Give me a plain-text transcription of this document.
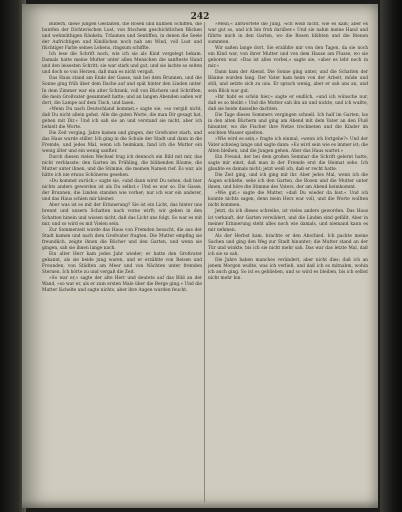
242

Bildern, diese jungen Gestalten, die Rosen und kühnen Schiffen, die buntfen der Dichterischen Lust, von frischem geschichtlichen Blicken und wehmüthigen Ränkeln, Träumen und Sentiffen, in denen die Seele der Aufrichtigen und Kindlichen noch nah am Wind, voll Lust und flüchtiger Farbe seines Lebens, ringsum schiffte.

Ich lese die Schrift noch, wie ich sie als Kind vorgelegt bekam. Damals hatte meine Mutter unter allen Menschen die sanfteste Hand und den leisesten Schritt; sie war stark und gut, und sie lachte so selten und doch so von Herzen, daß man es nicht vergaß.

Das Haus stand am Ende der Gasse, nah bei dem Brunnen, und die Sonne ging früh über dem Dache auf und spät hinter den Linden unter. In dem Zimmer war ein alter Schrank, voll von Büchern und Schriften, die mein Großvater gesammelt hatte; und an langen Abenden saßen wir dort, die Lampe auf dem Tisch, und lasen.

»Wenn Du nach Deutschland kommst,« sagte sie, »so vergiß nicht, daß Du nicht allein gehst. Alle die guten Worte, die man Dir gesagt hat, gehen mit Dir.« Und ich sah sie an und verstand sie nicht, aber ich behielt die Worte.

Die Zeit verging. Jahre kamen und gingen, der Großvater starb, und das Haus wurde stiller. Ich ging in die Schule der Stadt und dann in die Fremde, und jedes Mal, wenn ich heimkam, fand ich die Mutter ein wenig älter und ein wenig sanfter.

Durch diesen vielen Wechsel trug ich dennoch ein Bild mit mir, das nicht verblasste: den Garten im Frühling, die blühenden Bäume, die Mutter unter ihnen, und die Stimme, die meinen Namen rief. Es war, als hätte ich nie etwas Schöneres gesehen.

»Du kommst zurück,« sagte sie, »und dann wirst Du sehen, daß hier nichts anders geworden ist als Du selbst.« Und es war so. Die Gasse, der Brunnen, die Linden standen wie vorher; nur ich war ein anderer, und das Haus schien mir kleiner.

Aber was ist es mit der Erinnerung? Sie ist ein Licht, das hinter uns brennt und unsern Schatten nach vorne wirft; wir gehen in den Schatten hinein und wissen nicht, daß das Licht uns folgt. So war es mit mir, und so wird es mit Vielen sein.

Zur Sommerzeit wurde das Haus von Fremden besucht, die aus der Stadt kamen und nach dem Großvater fragten. Die Mutter empfing sie freundlich, zeigte ihnen die Bücher und den Garten, und wenn sie gingen, sah sie ihnen lange nach.

Ein alter Herr kam jedes Jahr wieder; er hatte den Großvater gekannt, als sie beide jung waren, und er erzählte von Reisen und Freunden, von Städten am Meer und von Nächten unter fremden Sternen. Ich hörte zu und vergaß die Zeit.

»So war er,« sagte der alte Herr und deutete auf das Bild an der Wand, »so war er, als er zum ersten Male über die Berge ging.« Und die Mutter lächelte und sagte nichts, aber ihre Augen wurden feucht.

»Mein,« antwortete die Jung, »ich weiß nicht, wie es kam; aber es war gut so, und ich bin froh darüber.« Und sie nahm meine Hand und führte mich in den Garten, wo die Rosen blühten und die Bienen summten.

Wir saßen lange dort. Sie erzählte mir von den Tagen, da sie noch ein Kind war, von ihrer Mutter und von dem Hause am Flusse, wo sie geboren war. »Das ist alles vorbei,« sagte sie, »aber es lebt noch in mir.«

Dann kam der Abend. Die Sonne ging unter, und die Schatten der Bäume wurden lang. Der Vater kam heim von der Arbeit, müde und still, und setzte sich zu uns. Er sprach wenig, aber er sah uns an, und sein Blick war gut.

»Ihr habt es schön hier,« sagte er endlich, »und ich wünsche nur, daß es so bleibt.« Und die Mutter sah ihn an und nickte, und ich wußte, daß sie beide dasselbe dachten.

Die Tage dieses Sommers vergingen schnell. Ich half im Garten, las in den alten Büchern und ging am Abend mit dem Vater an den Fluß hinunter, wo die Fischer ihre Netze trockneten und die Kinder im seichten Wasser spielten.

»Wie wird es sein,« fragte ich einmal, »wenn ich fortgehe?« Und der Vater schwieg lange und sagte dann: »Es wird sein wie es immer ist; die Alten bleiben, und die Jungen gehen. Aber das Haus wartet.«

Ein Freund, der bei dem großen Seminar die Schrift gelernt hatte, sagte mir einst, daß man in der Fremde erst die Heimat sehe. Ich glaubte es damals nicht; jetzt weiß ich, daß er recht hatte.

Die Zeit ging, und ich ging mit ihr. Aber jedes Mal, wenn ich die Augen schließe, sehe ich den Garten, die Rosen und die Mutter unter ihnen, und höre die Stimme des Vaters, der am Abend heimkommt.

»Wie gut,« sagte die Mutter, »daß Du wieder da bist.« Und ich konnte nichts sagen, denn mein Herz war voll, und die Worte wollten nicht kommen.

Jetzt, da ich dieses schreibe, ist vieles anders geworden. Das Haus ist verkauft, der Garten verwildert, und die Linden sind gefällt. Aber in meiner Erinnerung steht alles noch wie damals, und niemand kann es mir nehmen.

Als der Herbst kam, brachte er den Abschied. Ich packte meine Sachen und ging den Weg zur Stadt hinunter; die Mutter stand an der Tür und winkte, bis ich sie nicht mehr sah. Das war das letzte Mal, daß ich sie so sah.

Die Jahre haben manches verändert, aber nicht dies: daß ich an jenem Morgen wußte, was ich verließ, und daß ich es mitnahm, wohin ich auch ging. So ist es geblieben, und so wird es bleiben, bis ich selbst nicht mehr bin.
